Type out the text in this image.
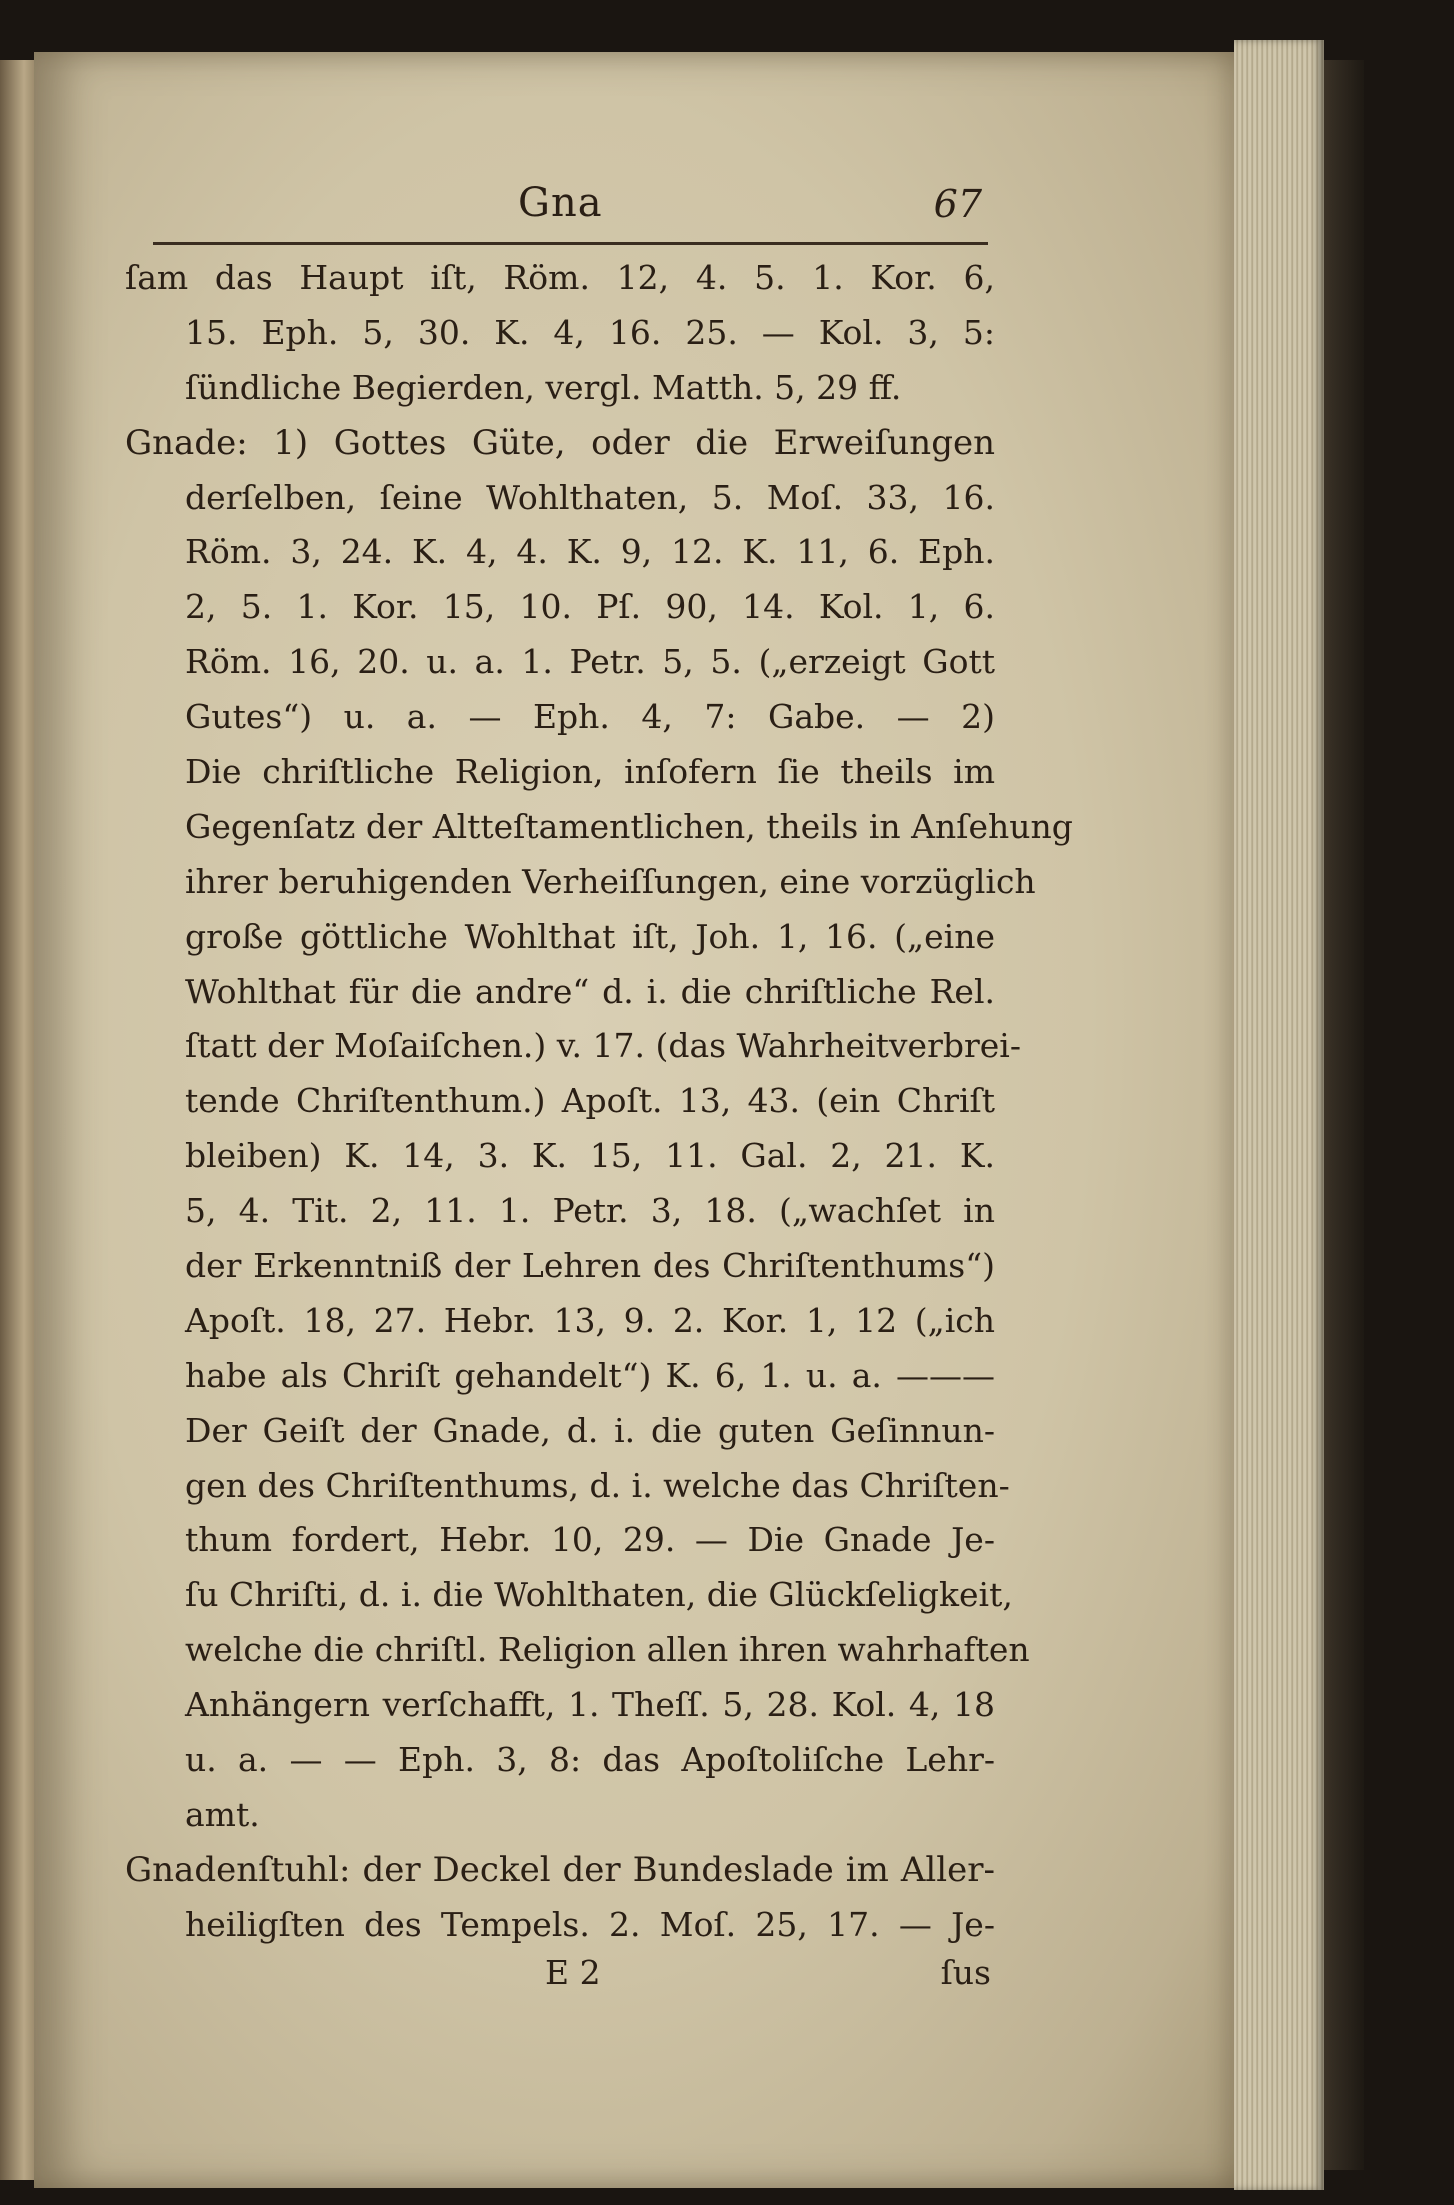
Gna	67
ſam das Haupt iſt, Röm. 12, 4. 5. 1. Kor. 6,
15. Eph. 5, 30. K. 4, 16. 25. — Kol. 3, 5:
ſündliche Begierden, vergl. Matth. 5, 29 ff.
Gnade: 1) Gottes Güte, oder die Erweiſungen
derſelben, ſeine Wohlthaten, 5. Moſ. 33, 16.
Röm. 3, 24. K. 4, 4. K. 9, 12. K. 11, 6. Eph.
2, 5. 1. Kor. 15, 10. Pſ. 90, 14. Kol. 1, 6.
Röm. 16, 20. u. a. 1. Petr. 5, 5. („erzeigt Gott
Gutes“) u. a. — Eph. 4, 7: Gabe. — 2)
Die chriſtliche Religion, inſofern ſie theils im
Gegenſatz der Altteſtamentlichen, theils in Anſehung
ihrer beruhigenden Verheiſſungen, eine vorzüglich
große göttliche Wohlthat iſt, Joh. 1, 16. („eine
Wohlthat für die andre“ d. i. die chriſtliche Rel.
ſtatt der Moſaiſchen.) v. 17. (das Wahrheitverbrei-
tende Chriſtenthum.) Apoſt. 13, 43. (ein Chriſt
bleiben) K. 14, 3. K. 15, 11. Gal. 2, 21. K.
5, 4. Tit. 2, 11. 1. Petr. 3, 18. („wachſet in
der Erkenntniß der Lehren des Chriſtenthums“)
Apoſt. 18, 27. Hebr. 13, 9. 2. Kor. 1, 12 („ich
habe als Chriſt gehandelt“) K. 6, 1. u. a. ———
Der Geiſt der Gnade, d. i. die guten Geſinnun-
gen des Chriſtenthums, d. i. welche das Chriſten-
thum fordert, Hebr. 10, 29. — Die Gnade Je-
ſu Chriſti, d. i. die Wohlthaten, die Glückſeligkeit,
welche die chriſtl. Religion allen ihren wahrhaften
Anhängern verſchafft, 1. Theſſ. 5, 28. Kol. 4, 18
u. a. — — Eph. 3, 8: das Apoſtoliſche Lehr-
amt.
Gnadenſtuhl: der Deckel der Bundeslade im Aller-
heiligſten des Tempels. 2. Moſ. 25, 17. — Je-
E 2	ſus
